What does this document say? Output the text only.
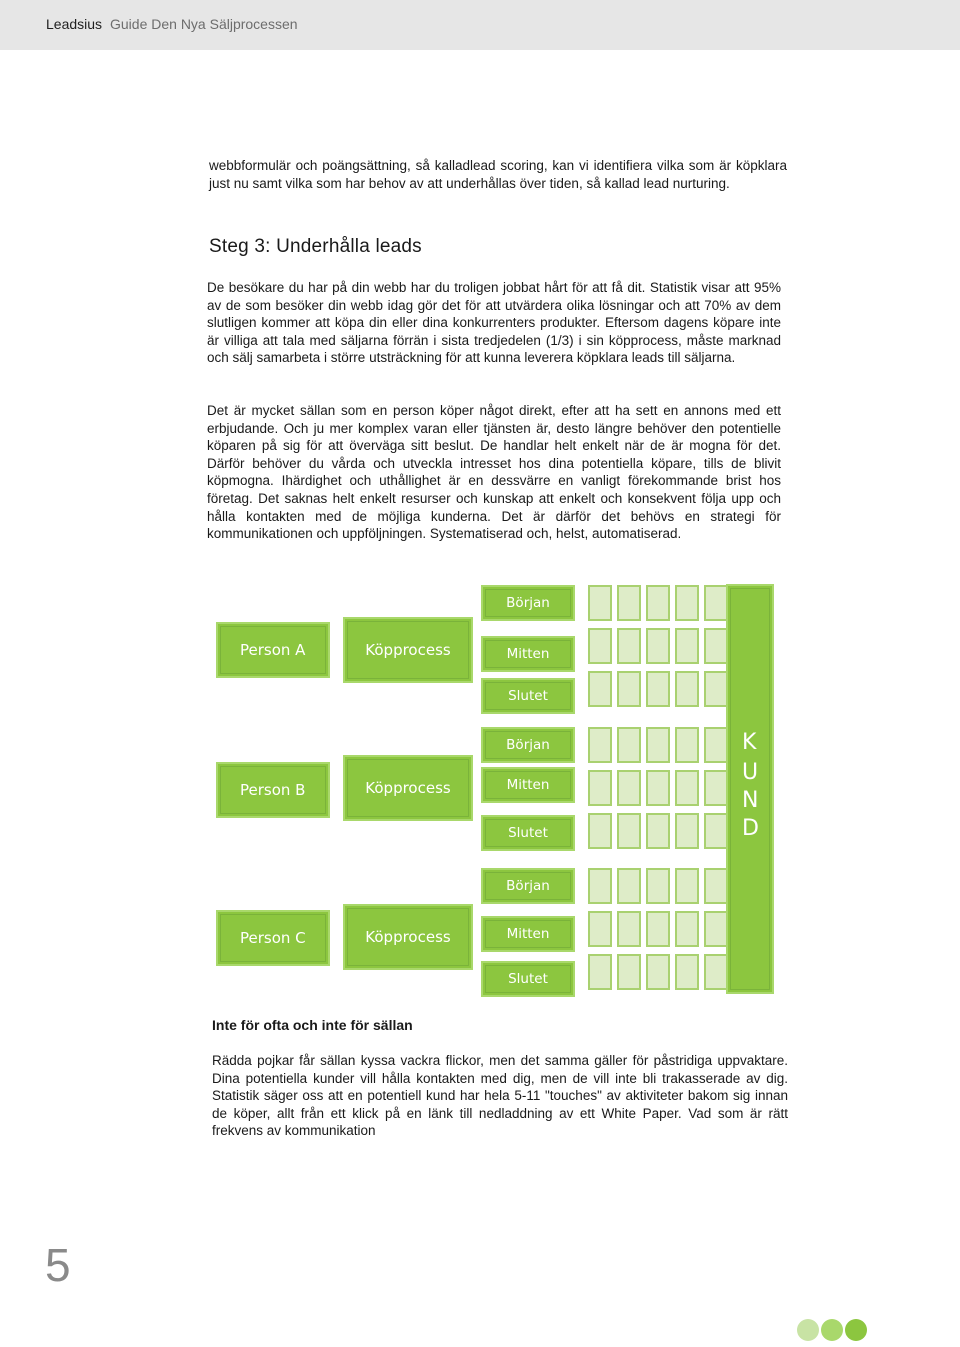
Leadsius Guide Den Nya Säljprocessen

webbformulär och poängsättning, så kalladlead scoring, kan vi identifiera vilka som är köpklara just nu samt vilka som har behov av att underhållas över tiden, så kallad lead nurturing.

Steg 3: Underhålla leads

De besökare du har på din webb har du troligen jobbat hårt för att få dit. Statistik visar att 95% av de som besöker din webb idag gör det för att utvärdera olika lösningar och att 70% av dem slutligen kommer att köpa din eller dina konkurrenters produkter. Eftersom dagens köpare inte är villiga att tala med säljarna förrän i sista tredjedelen (1/3) i sin köpprocess, måste marknad och sälj samarbeta i större utsträckning för att kunna leverera köpklara leads till säljarna.

Det är mycket sällan som en person köper något direkt, efter att ha sett en annons med ett erbjudande. Och ju mer komplex varan eller tjänsten är, desto längre behöver den potentielle köparen på sig för att överväga sitt beslut. De handlar helt enkelt när de är mogna för det. Därför behöver du vårda och utveckla intresset hos dina potentiella köpare, tills de blivit köpmogna. Ihärdighet och uthållighet är en dessvärre en vanligt förekommande brist hos företag. Det saknas helt enkelt resurser och kunskap att enkelt och konsekvent följa upp och hålla kontakten med de möjliga kunderna. Det är därför det behövs en strategi för kommunikationen och uppföljningen. Systematiserad och, helst, automatiserad.

Person A	Köpprocess
Början
Mitten
Slutet
Person B	Köpprocess
Början
Mitten
Slutet
Person C	Köpprocess
Början
Mitten
Slutet
K
U
N
D
Inte för ofta och inte för sällan

Rädda pojkar får sällan kyssa vackra flickor, men det samma gäller för påstridiga uppvaktare. Dina potentiella kunder vill hålla kontakten med dig, men de vill inte bli trakasserade av dig. Statistik säger oss att en potentiell kund har hela 5-11 "touches" av aktiviteter bakom sig innan de köper, allt från ett klick på en länk till nedladdning av ett White Paper. Vad som är rätt frekvens av kommunikation

5
